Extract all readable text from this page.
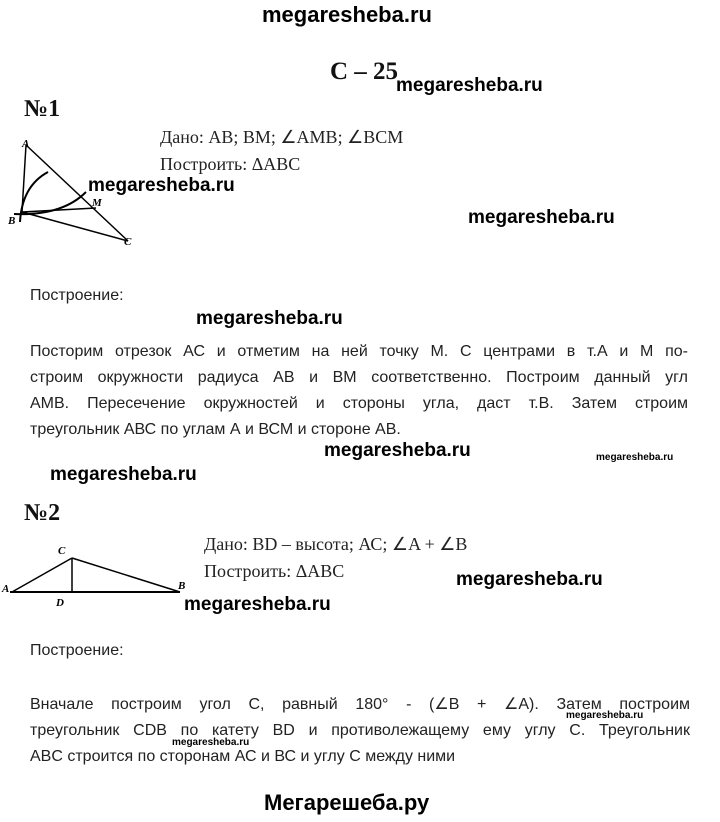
megaresheba.ru
С – 25
megaresheba.ru
№1
A
B
M
C
Дано: АВ; ВМ; ∠АМВ; ∠ВСМ
Построить: ΔАВС
megaresheba.ru
megaresheba.ru
Построение:
megaresheba.ru
Посторим отрезок АС и отметим на ней точку М. С центрами в т.А и М по-
строим окружности радиуса АВ и ВМ соответственно. Построим данный угл
АМВ. Пересечение окружностей и стороны угла, даст т.В. Затем строим
треугольник АВС по углам А и ВСМ и стороне АВ.
megaresheba.ru	megaresheba.ru
megaresheba.ru
№2
C
A
D
B
Дано: BD – высота; АС; ∠A + ∠B
Построить: ΔАВС	megaresheba.ru
megaresheba.ru
Построение:
Вначале построим угол С, равный 180° - (∠B + ∠A). Затем построим
треугольник CDB по катету BD и противолежащему ему углу С. Треугольник
ABC строится по сторонам АС и ВС и углу С между ними
megaresheba.ru
megaresheba.ru
Мегарешеба.ру
